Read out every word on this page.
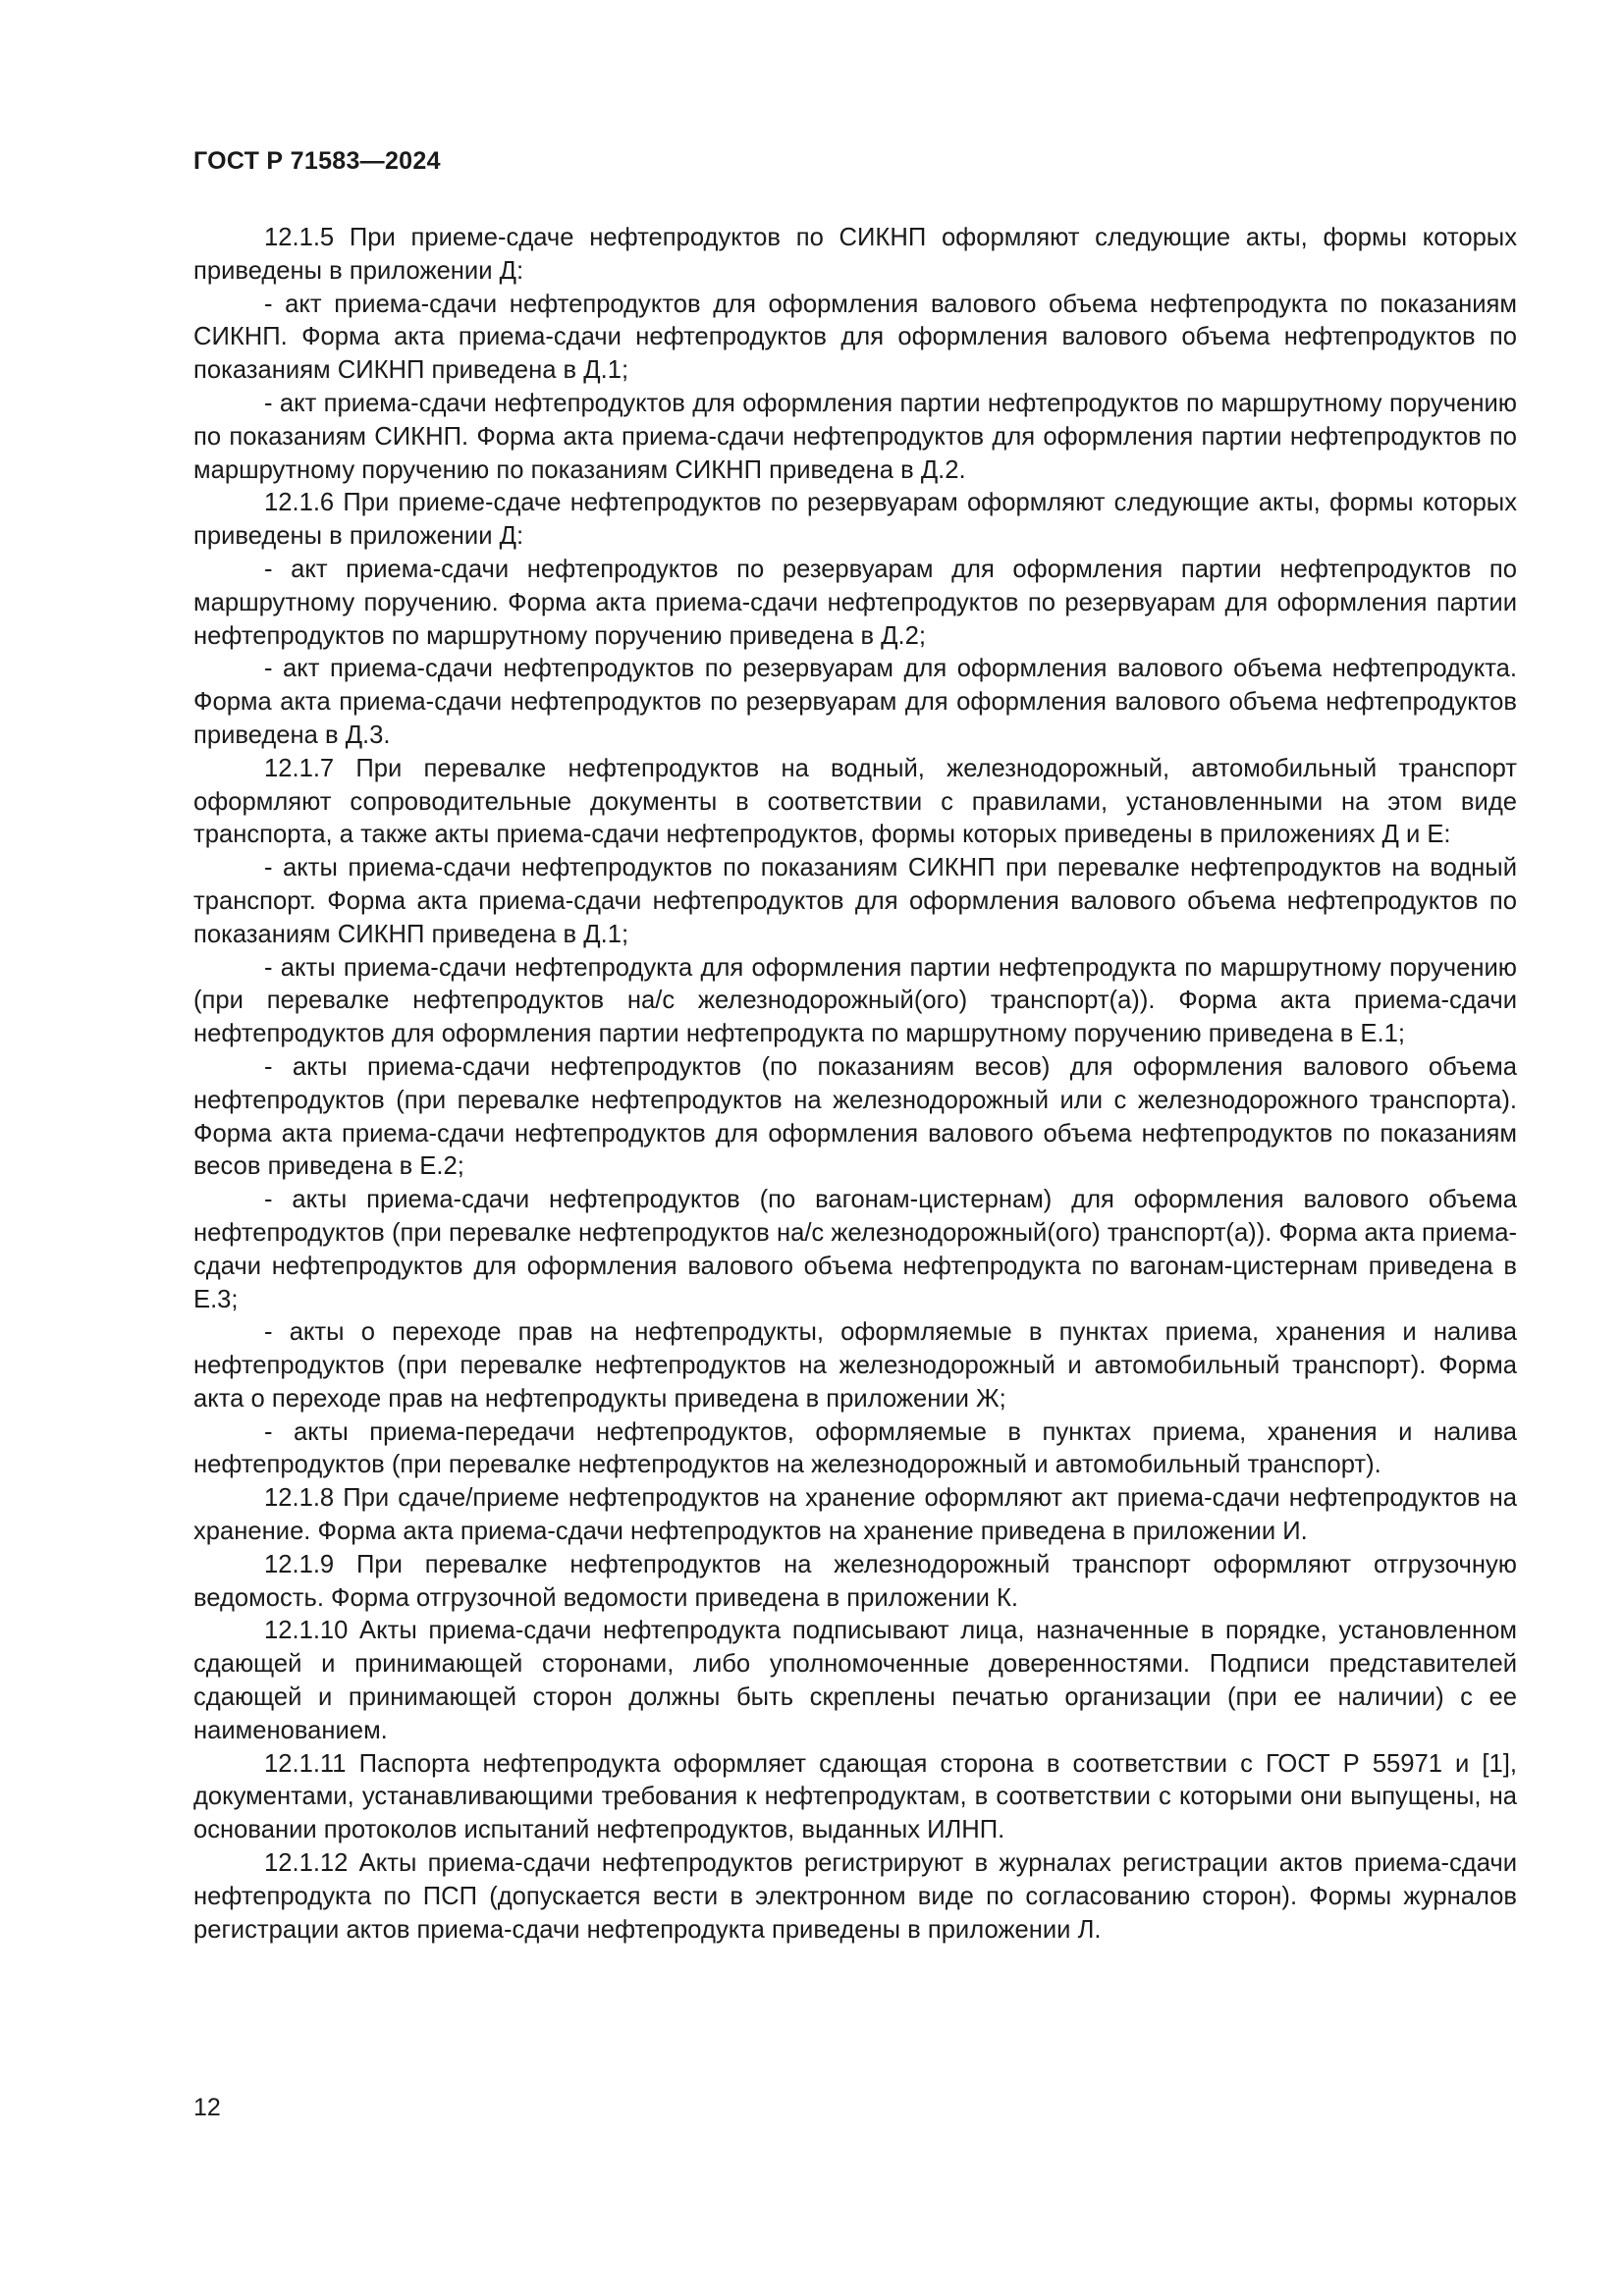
ГОСТ Р 71583—2024

12.1.5 При приеме-сдаче нефтепродуктов по СИКНП оформляют следующие акты, формы которых приведены в приложении Д:

- акт приема-сдачи нефтепродуктов для оформления валового объема нефтепродукта по показаниям СИКНП. Форма акта приема-сдачи нефтепродуктов для оформления валового объема нефтепродуктов по показаниям СИКНП приведена в Д.1;

- акт приема-сдачи нефтепродуктов для оформления партии нефтепродуктов по маршрутному поручению по показаниям СИКНП. Форма акта приема-сдачи нефтепродуктов для оформления партии нефтепродуктов по маршрутному поручению по показаниям СИКНП приведена в Д.2.

12.1.6 При приеме-сдаче нефтепродуктов по резервуарам оформляют следующие акты, формы которых приведены в приложении Д:

- акт приема-сдачи нефтепродуктов по резервуарам для оформления партии нефтепродуктов по маршрутному поручению. Форма акта приема-сдачи нефтепродуктов по резервуарам для оформления партии нефтепродуктов по маршрутному поручению приведена в Д.2;

- акт приема-сдачи нефтепродуктов по резервуарам для оформления валового объема нефтепродукта. Форма акта приема-сдачи нефтепродуктов по резервуарам для оформления валового объема нефтепродуктов приведена в Д.3.

12.1.7 При перевалке нефтепродуктов на водный, железнодорожный, автомобильный транспорт оформляют сопроводительные документы в соответствии с правилами, установленными на этом виде транспорта, а также акты приема-сдачи нефтепродуктов, формы которых приведены в приложениях Д и Е:

- акты приема-сдачи нефтепродуктов по показаниям СИКНП при перевалке нефтепродуктов на водный транспорт. Форма акта приема-сдачи нефтепродуктов для оформления валового объема нефтепродуктов по показаниям СИКНП приведена в Д.1;

- акты приема-сдачи нефтепродукта для оформления партии нефтепродукта по маршрутному поручению (при перевалке нефтепродуктов на/с железнодорожный(ого) транспорт(а)). Форма акта приема-сдачи нефтепродуктов для оформления партии нефтепродукта по маршрутному поручению приведена в Е.1;

- акты приема-сдачи нефтепродуктов (по показаниям весов) для оформления валового объема нефтепродуктов (при перевалке нефтепродуктов на железнодорожный или с железнодорожного транспорта). Форма акта приема-сдачи нефтепродуктов для оформления валового объема нефтепродуктов по показаниям весов приведена в Е.2;

- акты приема-сдачи нефтепродуктов (по вагонам-цистернам) для оформления валового объема нефтепродуктов (при перевалке нефтепродуктов на/с железнодорожный(ого) транспорт(а)). Форма акта приема-сдачи нефтепродуктов для оформления валового объема нефтепродукта по вагонам-цистернам приведена в Е.3;

- акты о переходе прав на нефтепродукты, оформляемые в пунктах приема, хранения и налива нефтепродуктов (при перевалке нефтепродуктов на железнодорожный и автомобильный транспорт). Форма акта о переходе прав на нефтепродукты приведена в приложении Ж;

- акты приема-передачи нефтепродуктов, оформляемые в пунктах приема, хранения и налива нефтепродуктов (при перевалке нефтепродуктов на железнодорожный и автомобильный транспорт).

12.1.8 При сдаче/приеме нефтепродуктов на хранение оформляют акт приема-сдачи нефтепродуктов на хранение. Форма акта приема-сдачи нефтепродуктов на хранение приведена в приложении И.

12.1.9 При перевалке нефтепродуктов на железнодорожный транспорт оформляют отгрузочную ведомость. Форма отгрузочной ведомости приведена в приложении К.

12.1.10 Акты приема-сдачи нефтепродукта подписывают лица, назначенные в порядке, установленном сдающей и принимающей сторонами, либо уполномоченные доверенностями. Подписи представителей сдающей и принимающей сторон должны быть скреплены печатью организации (при ее наличии) с ее наименованием.

12.1.11 Паспорта нефтепродукта оформляет сдающая сторона в соответствии с ГОСТ Р 55971 и [1], документами, устанавливающими требования к нефтепродуктам, в соответствии с которыми они выпущены, на основании протоколов испытаний нефтепродуктов, выданных ИЛНП.

12.1.12 Акты приема-сдачи нефтепродуктов регистрируют в журналах регистрации актов приема-сдачи нефтепродукта по ПСП (допускается вести в электронном виде по согласованию сторон). Формы журналов регистрации актов приема-сдачи нефтепродукта приведены в приложении Л.

12
